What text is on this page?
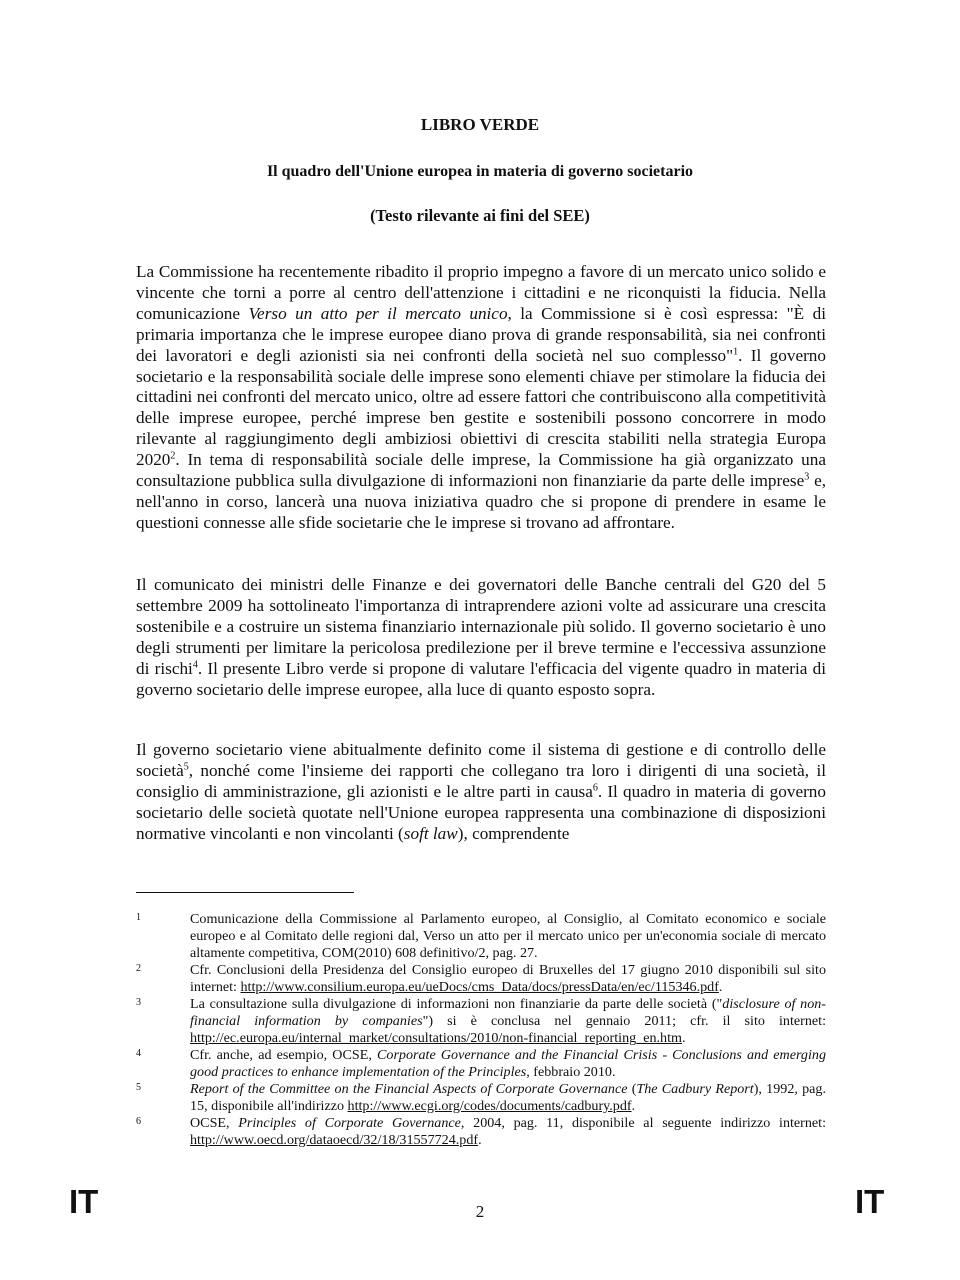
LIBRO VERDE
Il quadro dell'Unione europea in materia di governo societario
(Testo rilevante ai fini del SEE)

La Commissione ha recentemente ribadito il proprio impegno a favore di un mercato unico solido e vincente che torni a porre al centro dell'attenzione i cittadini e ne riconquisti la fiducia. Nella comunicazione Verso un atto per il mercato unico, la Commissione si è così espressa: "È di primaria importanza che le imprese europee diano prova di grande responsabilità, sia nei confronti dei lavoratori e degli azionisti sia nei confronti della società nel suo complesso"$^1$. Il governo societario e la responsabilità sociale delle imprese sono elementi chiave per stimolare la fiducia dei cittadini nei confronti del mercato unico, oltre ad essere fattori che contribuiscono alla competitività delle imprese europee, perché imprese ben gestite e sostenibili possono concorrere in modo rilevante al raggiungimento degli ambiziosi obiettivi di crescita stabiliti nella strategia Europa 2020$^2$. In tema di responsabilità sociale delle imprese, la Commissione ha già organizzato una consultazione pubblica sulla divulgazione di informazioni non finanziarie da parte delle imprese$^3$ e, nell'anno in corso, lancerà una nuova iniziativa quadro che si propone di prendere in esame le questioni connesse alle sfide societarie che le imprese si trovano ad affrontare.

Il comunicato dei ministri delle Finanze e dei governatori delle Banche centrali del G20 del 5 settembre 2009 ha sottolineato l'importanza di intraprendere azioni volte ad assicurare una crescita sostenibile e a costruire un sistema finanziario internazionale più solido. Il governo societario è uno degli strumenti per limitare la pericolosa predilezione per il breve termine e l'eccessiva assunzione di rischi$^4$. Il presente Libro verde si propone di valutare l'efficacia del vigente quadro in materia di governo societario delle imprese europee, alla luce di quanto esposto sopra.

Il governo societario viene abitualmente definito come il sistema di gestione e di controllo delle società$^5$, nonché come l'insieme dei rapporti che collegano tra loro i dirigenti di una società, il consiglio di amministrazione, gli azionisti e le altre parti in causa$^6$. Il quadro in materia di governo societario delle società quotate nell'Unione europea rappresenta una combinazione di disposizioni normative vincolanti e non vincolanti (soft law), comprendente

1	Comunicazione della Commissione al Parlamento europeo, al Consiglio, al Comitato economico e sociale europeo e al Comitato delle regioni dal, Verso un atto per il mercato unico per un'economia sociale di mercato altamente competitiva, COM(2010) 608 definitivo/2, pag. 27.
2	Cfr. Conclusioni della Presidenza del Consiglio europeo di Bruxelles del 17 giugno 2010 disponibili sul sito internet: http://www.consilium.europa.eu/ueDocs/cms_Data/docs/pressData/en/ec/115346.pdf.
3	La consultazione sulla divulgazione di informazioni non finanziarie da parte delle società ("disclosure of non-financial information by companies") si è conclusa nel gennaio 2011; cfr. il sito internet: http://ec.europa.eu/internal_market/consultations/2010/non-financial_reporting_en.htm.
4	Cfr. anche, ad esempio, OCSE, Corporate Governance and the Financial Crisis - Conclusions and emerging good practices to enhance implementation of the Principles, febbraio 2010.
5	Report of the Committee on the Financial Aspects of Corporate Governance (The Cadbury Report), 1992, pag. 15, disponibile all'indirizzo http://www.ecgi.org/codes/documents/cadbury.pdf.
6	OCSE, Principles of Corporate Governance, 2004, pag. 11, disponibile al seguente indirizzo internet: http://www.oecd.org/dataoecd/32/18/31557724.pdf.

IT	2	IT
